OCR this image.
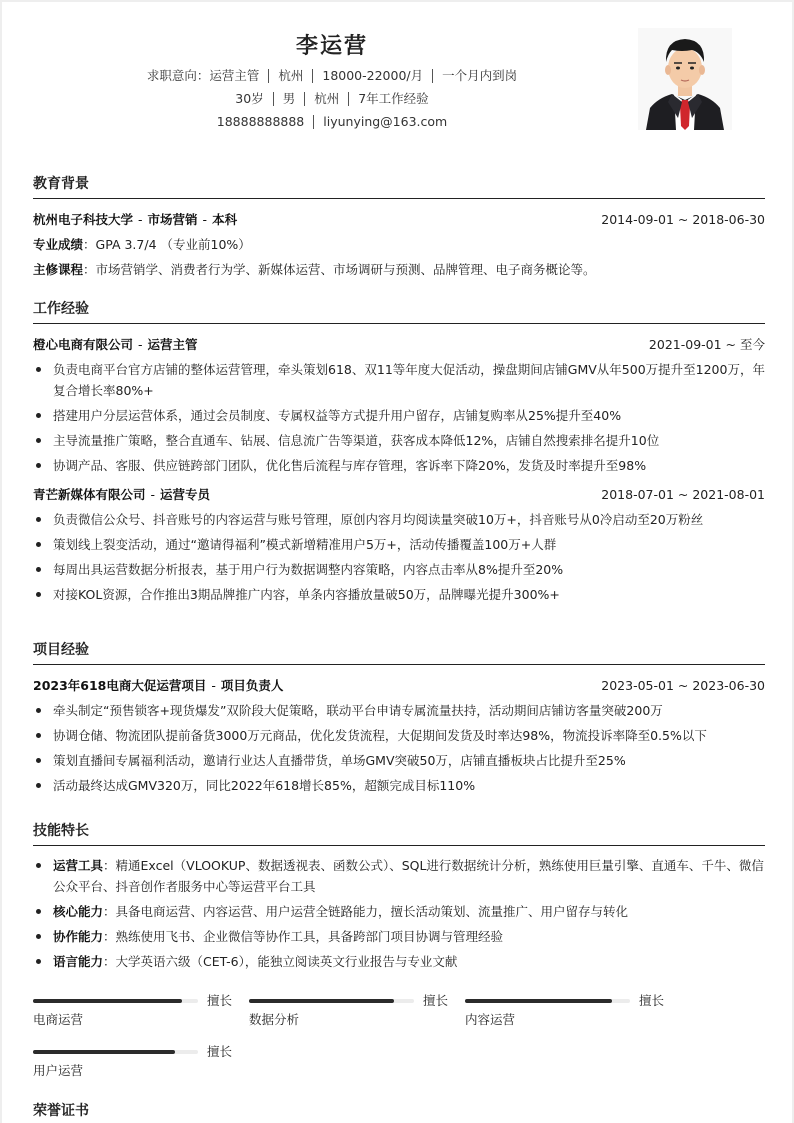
李运营
求职意向：运营主管 杭州 18000-22000/月 一个月内到岗
30岁 男 杭州 7年工作经验
18888888888 liyunying@163.com
教育背景
杭州电子科技大学 - 市场营销 - 本科	2014-09-01 ~ 2018-06-30
专业成绩：GPA 3.7/4 （专业前10%）
主修课程：市场营销学、消费者行为学、新媒体运营、市场调研与预测、品牌管理、电子商务概论等。
工作经验
橙心电商有限公司 - 运营主管	2021-09-01 ~ 至今
负责电商平台官方店铺的整体运营管理，牵头策划618、双11等年度大促活动，操盘期间店铺GMV从年500万提升至1200万，年复合增长率80%+
搭建用户分层运营体系，通过会员制度、专属权益等方式提升用户留存，店铺复购率从25%提升至40%
主导流量推广策略，整合直通车、钻展、信息流广告等渠道，获客成本降低12%，店铺自然搜索排名提升10位
协调产品、客服、供应链跨部门团队，优化售后流程与库存管理，客诉率下降20%，发货及时率提升至98%
青芒新媒体有限公司 - 运营专员	2018-07-01 ~ 2021-08-01
负责微信公众号、抖音账号的内容运营与账号管理，原创内容月均阅读量突破10万+，抖音账号从0冷启动至20万粉丝
策划线上裂变活动，通过“邀请得福利”模式新增精准用户5万+，活动传播覆盖100万+人群
每周出具运营数据分析报表，基于用户行为数据调整内容策略，内容点击率从8%提升至20%
对接KOL资源，合作推出3期品牌推广内容，单条内容播放量破50万，品牌曝光提升300%+
项目经验
2023年618电商大促运营项目 - 项目负责人	2023-05-01 ~ 2023-06-30
牵头制定“预售锁客+现货爆发”双阶段大促策略，联动平台申请专属流量扶持，活动期间店铺访客量突破200万
协调仓储、物流团队提前备货3000万元商品，优化发货流程，大促期间发货及时率达98%，物流投诉率降至0.5%以下
策划直播间专属福利活动，邀请行业达人直播带货，单场GMV突破50万，店铺直播板块占比提升至25%
活动最终达成GMV320万，同比2022年618增长85%，超额完成目标110%
技能特长
运营工具：精通Excel（VLOOKUP、数据透视表、函数公式）、SQL进行数据统计分析，熟练使用巨量引擎、直通车、千牛、微信公众平台、抖音创作者服务中心等运营平台工具
核心能力：具备电商运营、内容运营、用户运营全链路能力，擅长活动策划、流量推广、用户留存与转化
协作能力：熟练使用飞书、企业微信等协作工具，具备跨部门项目协调与管理经验
语言能力：大学英语六级（CET-6），能独立阅读英文行业报告与专业文献
擅长
电商运营
擅长
数据分析
擅长
内容运营
擅长
用户运营
荣誉证书
